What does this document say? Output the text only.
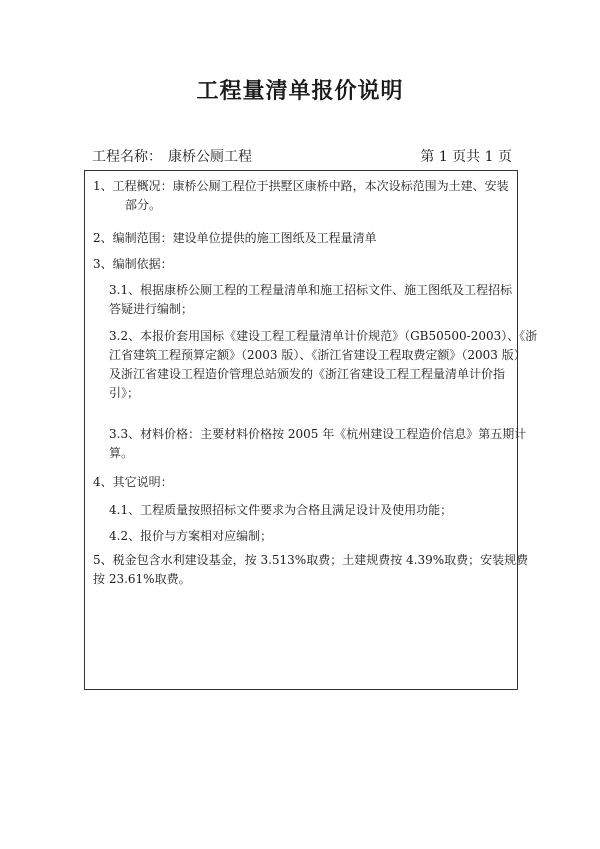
工程量清单报价说明
工程名称： 康桥公厕工程	第 1 页共 1 页
1、工程概况：康桥公厕工程位于拱墅区康桥中路，本次设标范围为土建、安装
部分。
2、编制范围：建设单位提供的施工图纸及工程量清单
3、编制依据：
3.1、根据康桥公厕工程的工程量清单和施工招标文件、施工图纸及工程招标
答疑进行编制；
3.2、本报价套用国标《建设工程工程量清单计价规范》（GB50500-2003）、《浙
江省建筑工程预算定额》（2003 版）、《浙江省建设工程取费定额》（2003 版）
及浙江省建设工程造价管理总站颁发的《浙江省建设工程工程量清单计价指
引》；
3.3、材料价格：主要材料价格按 2005 年《杭州建设工程造价信息》第五期计
算。
4、其它说明：
4.1、工程质量按照招标文件要求为合格且满足设计及使用功能；
4.2、报价与方案相对应编制；
5、税金包含水利建设基金，按 3.513%取费；土建规费按 4.39%取费；安装规费
按 23.61%取费。
